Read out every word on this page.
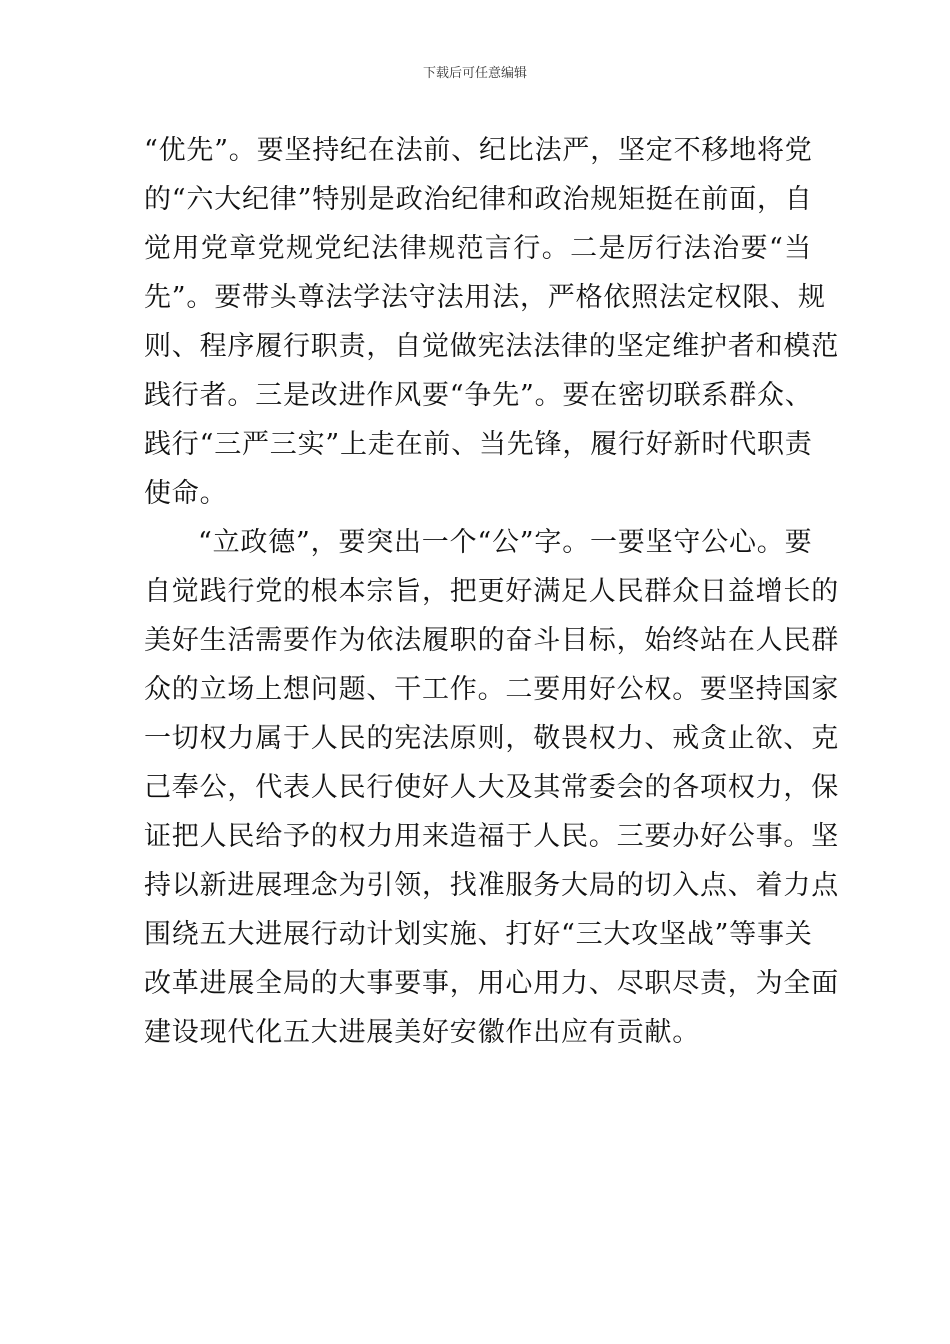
下载后可任意编辑
“优先”。要坚持纪在法前、纪比法严，坚定不移地将党
的“六大纪律”特别是政治纪律和政治规矩挺在前面，自
觉用党章党规党纪法律规范言行。二是厉行法治要“当
先”。要带头尊法学法守法用法，严格依照法定权限、规
则、程序履行职责，自觉做宪法法律的坚定维护者和模范
践行者。三是改进作风要“争先”。要在密切联系群众、
践行“三严三实”上走在前、当先锋，履行好新时代职责
使命。
“立政德”，要突出一个“公”字。一要坚守公心。要
自觉践行党的根本宗旨，把更好满足人民群众日益增长的
美好生活需要作为依法履职的奋斗目标，始终站在人民群
众的立场上想问题、干工作。二要用好公权。要坚持国家
一切权力属于人民的宪法原则，敬畏权力、戒贪止欲、克
己奉公，代表人民行使好人大及其常委会的各项权力，保
证把人民给予的权力用来造福于人民。三要办好公事。坚
持以新进展理念为引领，找准服务大局的切入点、着力点
围绕五大进展行动计划实施、打好“三大攻坚战”等事关
改革进展全局的大事要事，用心用力、尽职尽责，为全面
建设现代化五大进展美好安徽作出应有贡献。
